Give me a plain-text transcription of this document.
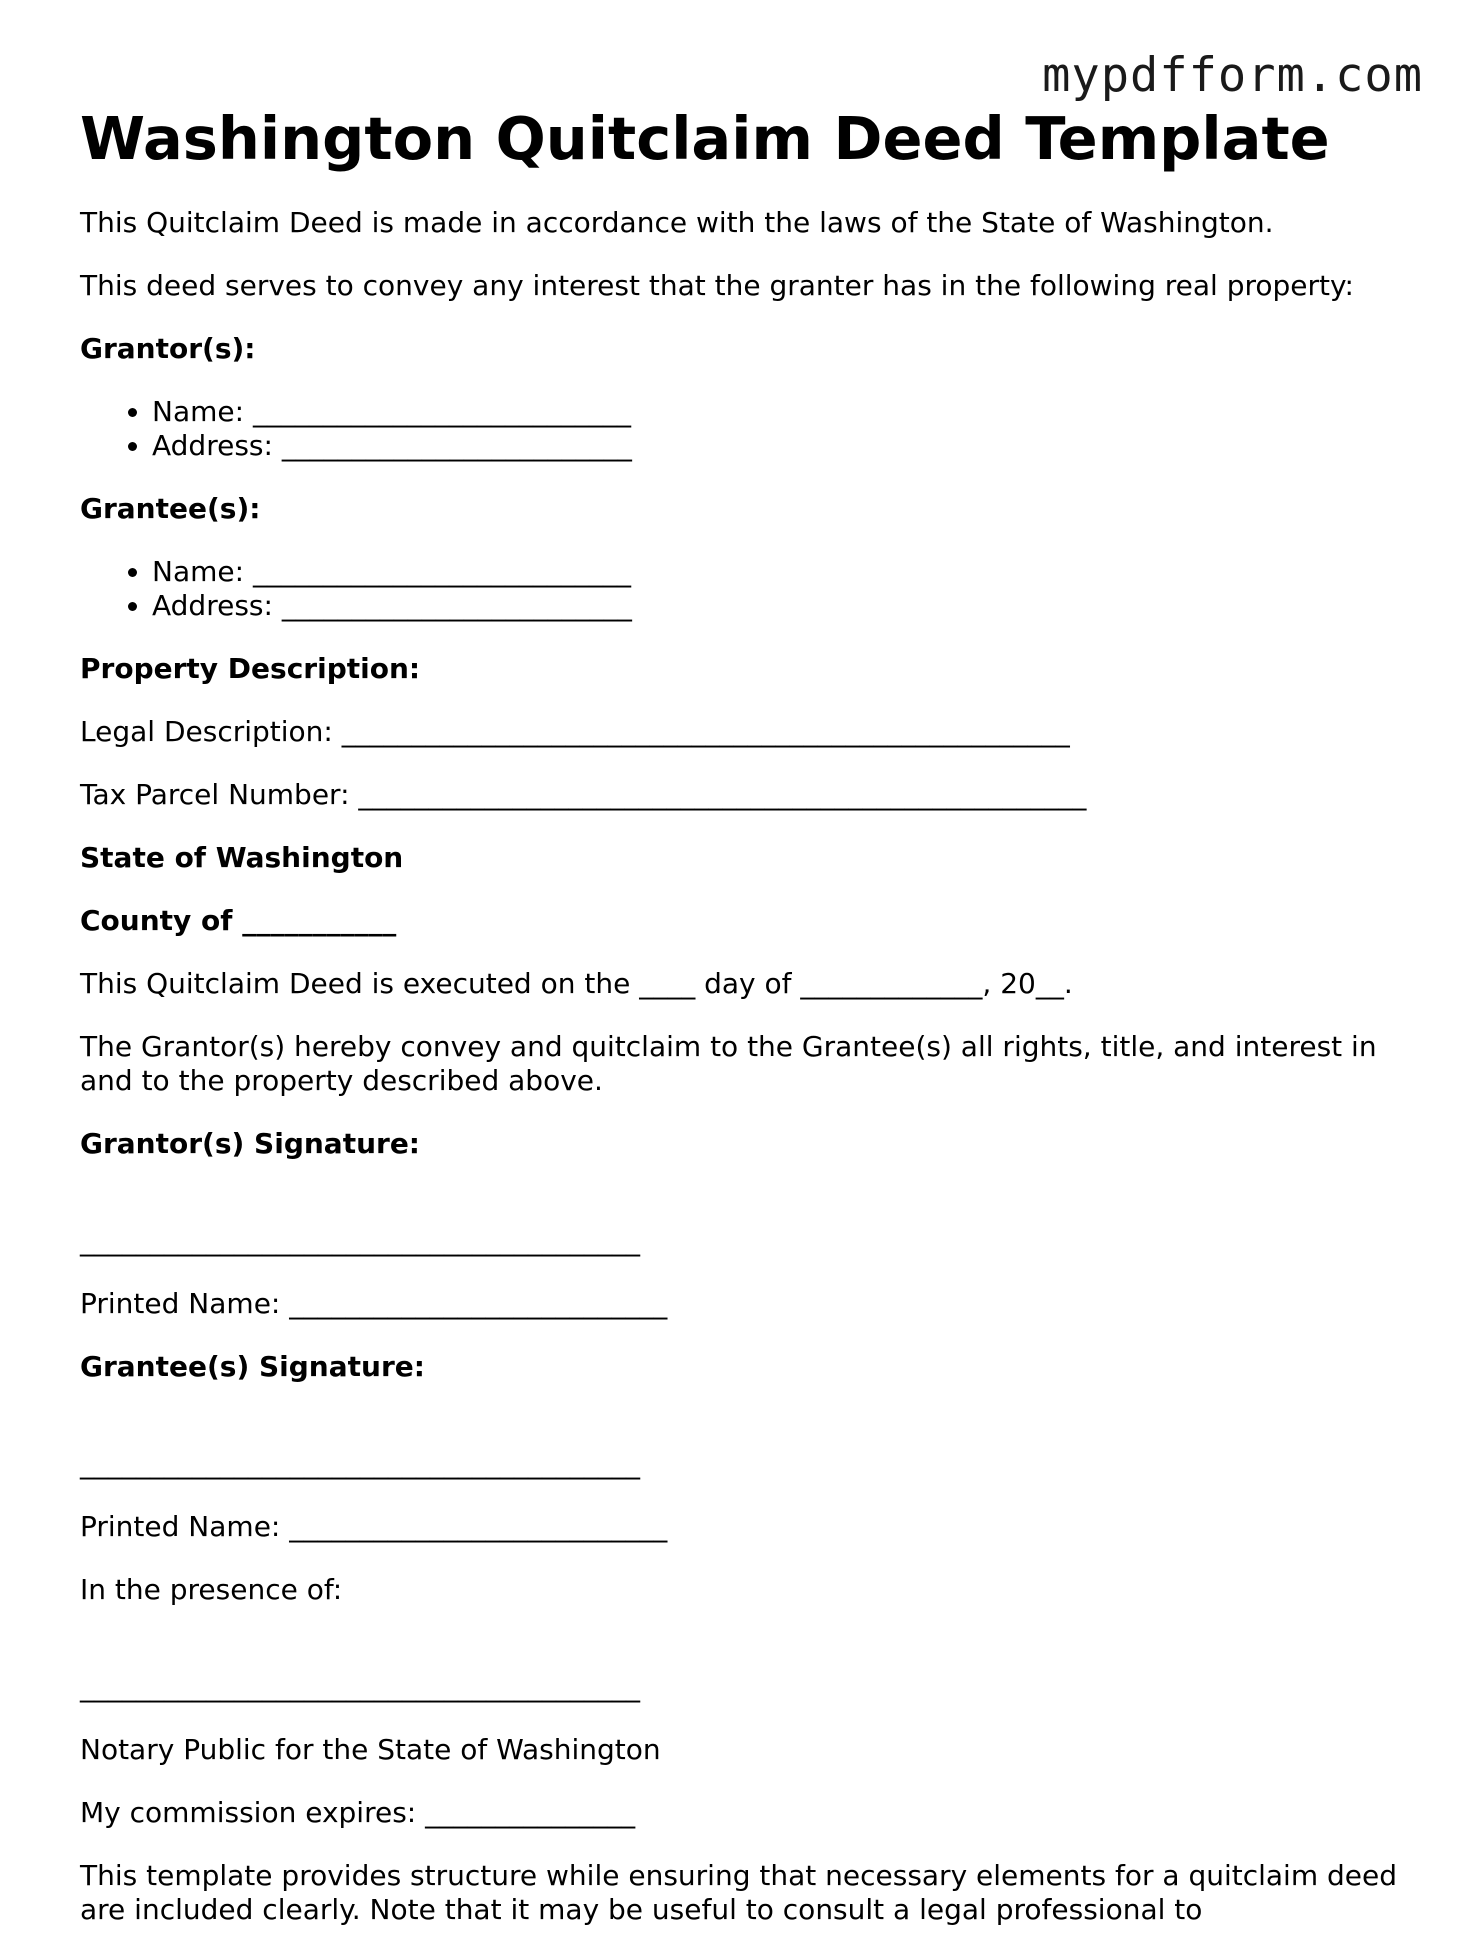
mypdfform.com
Washington Quitclaim Deed Template

This Quitclaim Deed is made in accordance with the laws of the State of Washington.

This deed serves to convey any interest that the granter has in the following real property:

Grantor(s):

• Name: ___________________________
• Address: _________________________

Grantee(s):

• Name: ___________________________
• Address: _________________________

Property Description:

Legal Description: ____________________________________________________

Tax Parcel Number: ____________________________________________________

State of Washington

County of ___________

This Quitclaim Deed is executed on the ____ day of _____________, 20__.

The Grantor(s) hereby convey and quitclaim to the Grantee(s) all rights, title, and interest in and to the property described above.

Grantor(s) Signature:

________________________________________

Printed Name: ___________________________

Grantee(s) Signature:

________________________________________

Printed Name: ___________________________

In the presence of:

________________________________________

Notary Public for the State of Washington

My commission expires: _______________

This template provides structure while ensuring that necessary elements for a quitclaim deed are included clearly. Note that it may be useful to consult a legal professional to
